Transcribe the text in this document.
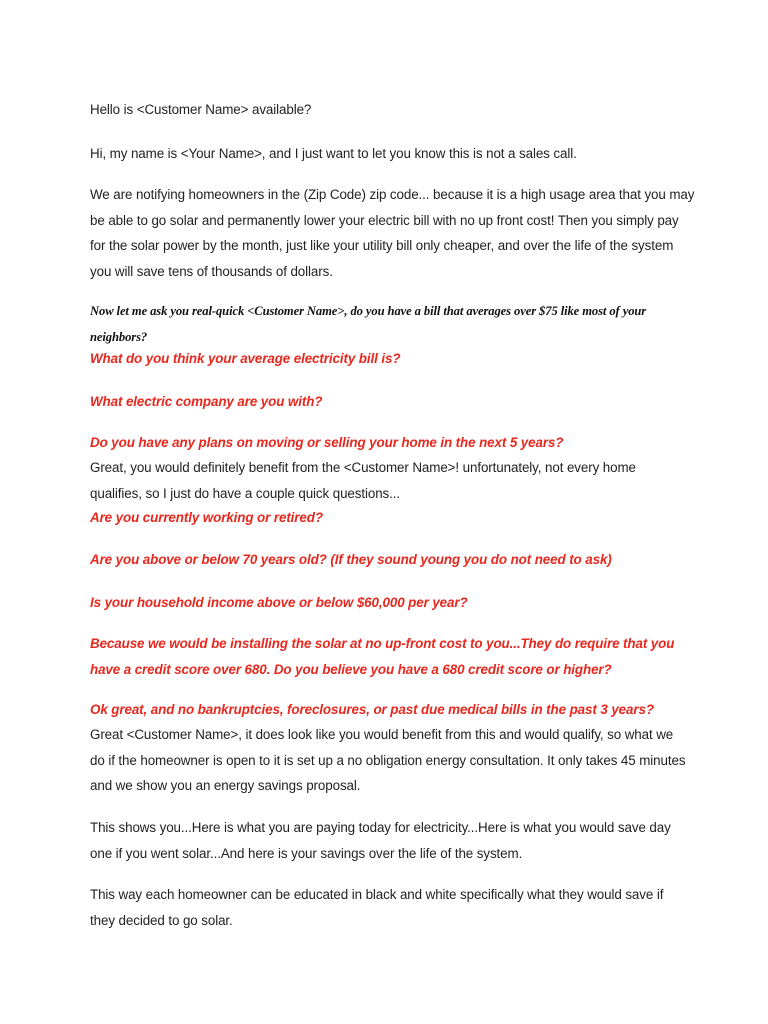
Hello is <Customer Name> available?

Hi, my name is <Your Name>, and I just want to let you know this is not a sales call.

We are notifying homeowners in the (Zip Code) zip code... because it is a high usage area that you may be able to go solar and permanently lower your electric bill with no up front cost! Then you simply pay for the solar power by the month, just like your utility bill only cheaper, and over the life of the system you will save tens of thousands of dollars.

Now let me ask you real-quick <Customer Name>, do you have a bill that averages over $75 like most of your neighbors?

What do you think your average electricity bill is?

What electric company are you with?

Do you have any plans on moving or selling your home in the next 5 years?

Great, you would definitely benefit from the <Customer Name>! unfortunately, not every home qualifies, so I just do have a couple quick questions...

Are you currently working or retired?

Are you above or below 70 years old? (If they sound young you do not need to ask)

Is your household income above or below $60,000 per year?

Because we would be installing the solar at no up-front cost to you...They do require that you have a credit score over 680. Do you believe you have a 680 credit score or higher?

Ok great, and no bankruptcies, foreclosures, or past due medical bills in the past 3 years?

Great <Customer Name>, it does look like you would benefit from this and would qualify, so what we do if the homeowner is open to it is set up a no obligation energy consultation. It only takes 45 minutes and we show you an energy savings proposal.

This shows you...Here is what you are paying today for electricity...Here is what you would save day one if you went solar...And here is your savings over the life of the system.

This way each homeowner can be educated in black and white specifically what they would save if they decided to go solar.
